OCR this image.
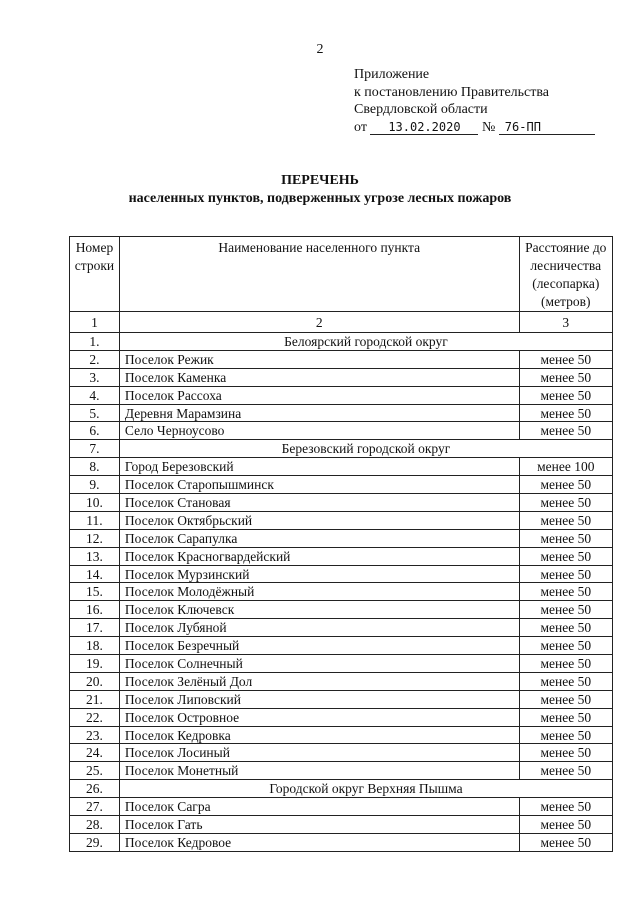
2
Приложение
к постановлению Правительства
Свердловской области
от 13.02.2020 № 76-ПП
ПЕРЕЧЕНЬ
населенных пунктов, подверженных угрозе лесных пожаров
Номер строки	Наименование населенного пункта	Расстояние до лесничества (лесопарка) (метров)
1	2	3
1.	Белоярский городской округ	
2.	Поселок Режик	менее 50
3.	Поселок Каменка	менее 50
4.	Поселок Рассоха	менее 50
5.	Деревня Марамзина	менее 50
6.	Село Черноусово	менее 50
7.	Березовский городской округ	
8.	Город Березовский	менее 100
9.	Поселок Старопышминск	менее 50
10.	Поселок Становая	менее 50
11.	Поселок Октябрьский	менее 50
12.	Поселок Сарапулка	менее 50
13.	Поселок Красногвардейский	менее 50
14.	Поселок Мурзинский	менее 50
15.	Поселок Молодёжный	менее 50
16.	Поселок Ключевск	менее 50
17.	Поселок Лубяной	менее 50
18.	Поселок Безречный	менее 50
19.	Поселок Солнечный	менее 50
20.	Поселок Зелёный Дол	менее 50
21.	Поселок Липовский	менее 50
22.	Поселок Островное	менее 50
23.	Поселок Кедровка	менее 50
24.	Поселок Лосиный	менее 50
25.	Поселок Монетный	менее 50
26.	Городской округ Верхняя Пышма	
27.	Поселок Сагра	менее 50
28.	Поселок Гать	менее 50
29.	Поселок Кедровое	менее 50
